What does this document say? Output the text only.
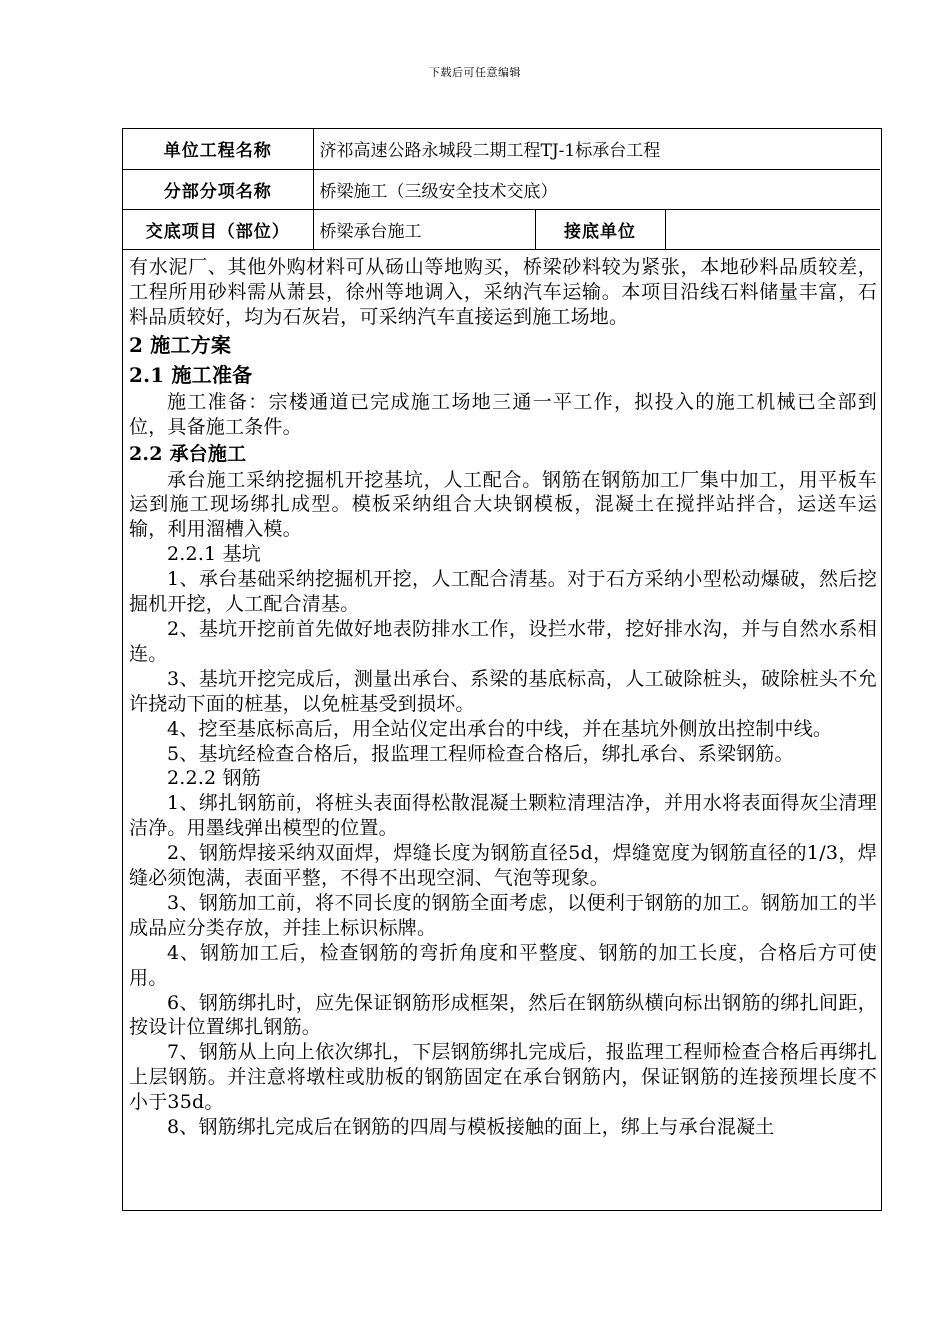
下载后可任意编辑
单位工程名称	济祁高速公路永城段二期工程TJ-1标承台工程		
分部分项名称	桥梁施工（三级安全技术交底）		
交底项目（部位）	桥梁承台施工	接底单位	

有水泥厂、其他外购材料可从砀山等地购买，桥梁砂料较为紧张，本地砂料品质较差，工程所用砂料需从萧县，徐州等地调入，采纳汽车运输。本项目沿线石料储量丰富，石料品质较好，均为石灰岩，可采纳汽车直接运到施工场地。

2 施工方案

2.1 施工准备

施工准备：宗楼通道已完成施工场地三通一平工作，拟投入的施工机械已全部到位，具备施工条件。

2.2 承台施工

承台施工采纳挖掘机开挖基坑，人工配合。钢筋在钢筋加工厂集中加工，用平板车运到施工现场绑扎成型。模板采纳组合大块钢模板，混凝土在搅拌站拌合，运送车运输，利用溜槽入模。

2.2.1 基坑

1、承台基础采纳挖掘机开挖，人工配合清基。对于石方采纳小型松动爆破，然后挖掘机开挖，人工配合清基。

2、基坑开挖前首先做好地表防排水工作，设拦水带，挖好排水沟，并与自然水系相连。

3、基坑开挖完成后，测量出承台、系梁的基底标高，人工破除桩头，破除桩头不允许挠动下面的桩基，以免桩基受到损坏。

4、挖至基底标高后，用全站仪定出承台的中线，并在基坑外侧放出控制中线。

5、基坑经检查合格后，报监理工程师检查合格后，绑扎承台、系梁钢筋。

2.2.2 钢筋

1、绑扎钢筋前，将桩头表面得松散混凝土颗粒清理洁净，并用水将表面得灰尘清理洁净。用墨线弹出模型的位置。

2、钢筋焊接采纳双面焊，焊缝长度为钢筋直径5d，焊缝宽度为钢筋直径的1/3，焊缝必须饱满，表面平整，不得不出现空洞、气泡等现象。

3、钢筋加工前，将不同长度的钢筋全面考虑，以便利于钢筋的加工。钢筋加工的半成品应分类存放，并挂上标识标牌。

4、钢筋加工后，检查钢筋的弯折角度和平整度、钢筋的加工长度，合格后方可使用。

6、钢筋绑扎时，应先保证钢筋形成框架，然后在钢筋纵横向标出钢筋的绑扎间距，按设计位置绑扎钢筋。

7、钢筋从上向上依次绑扎，下层钢筋绑扎完成后，报监理工程师检查合格后再绑扎上层钢筋。并注意将墩柱或肋板的钢筋固定在承台钢筋内，保证钢筋的连接预埋长度不小于35d。

8、钢筋绑扎完成后在钢筋的四周与模板接触的面上，绑上与承台混凝土
